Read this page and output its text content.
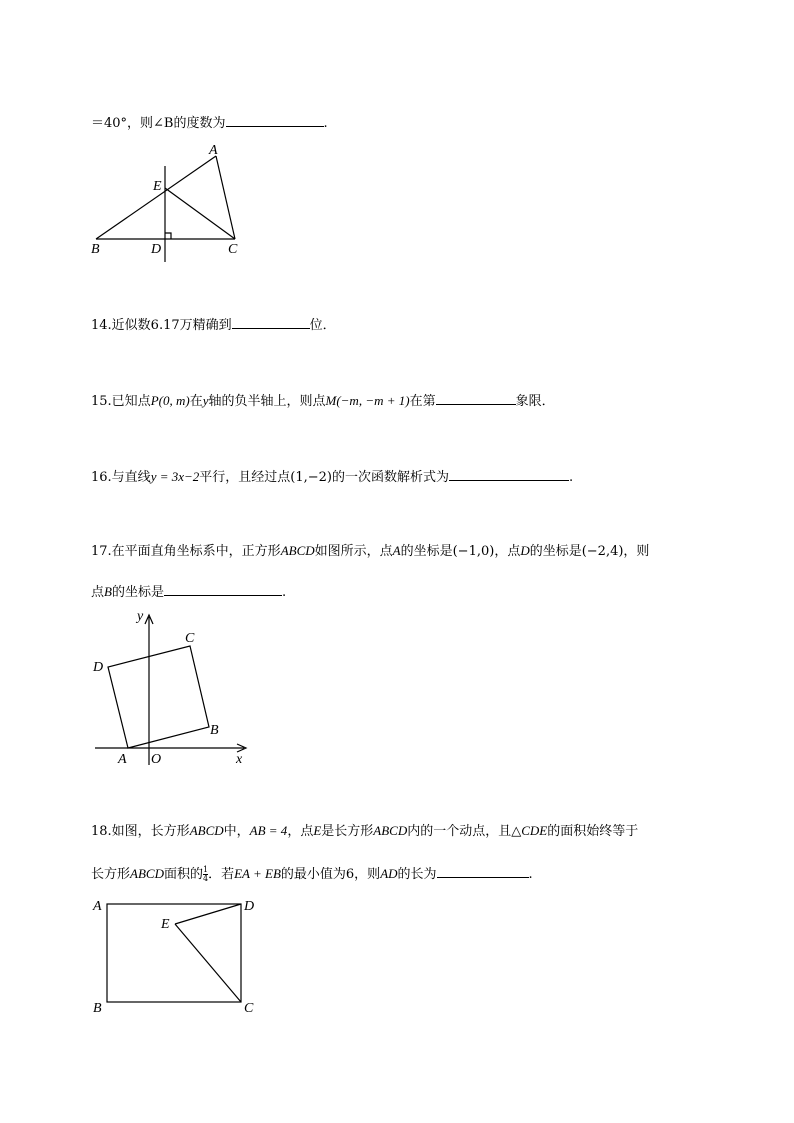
＝40°，则∠B的度数为	.
A
E
B	D	C
14.近似数6.17万精确到	位．
15.已知点P(0, m)在y轴的负半轴上，则点M(−m, −m + 1)在第	象限．
16.与直线y = 3x−2平行，且经过点(1,−2)的一次函数解析式为	.
17.在平面直角坐标系中，正方形ABCD如图所示，点A的坐标是(−1,0)，点D的坐标是(−2,4)，则
点B的坐标是	.
y
x
O
A
B
C
D
18.如图，长方形ABCD中，AB = 4，点E是长方形ABCD内的一个动点，且△CDE的面积始终等于
长方形ABCD面积的 $\frac{1}{4}$ ．若EA + EB的最小值为6，则AD的长为	.
A	D
E
B	C
